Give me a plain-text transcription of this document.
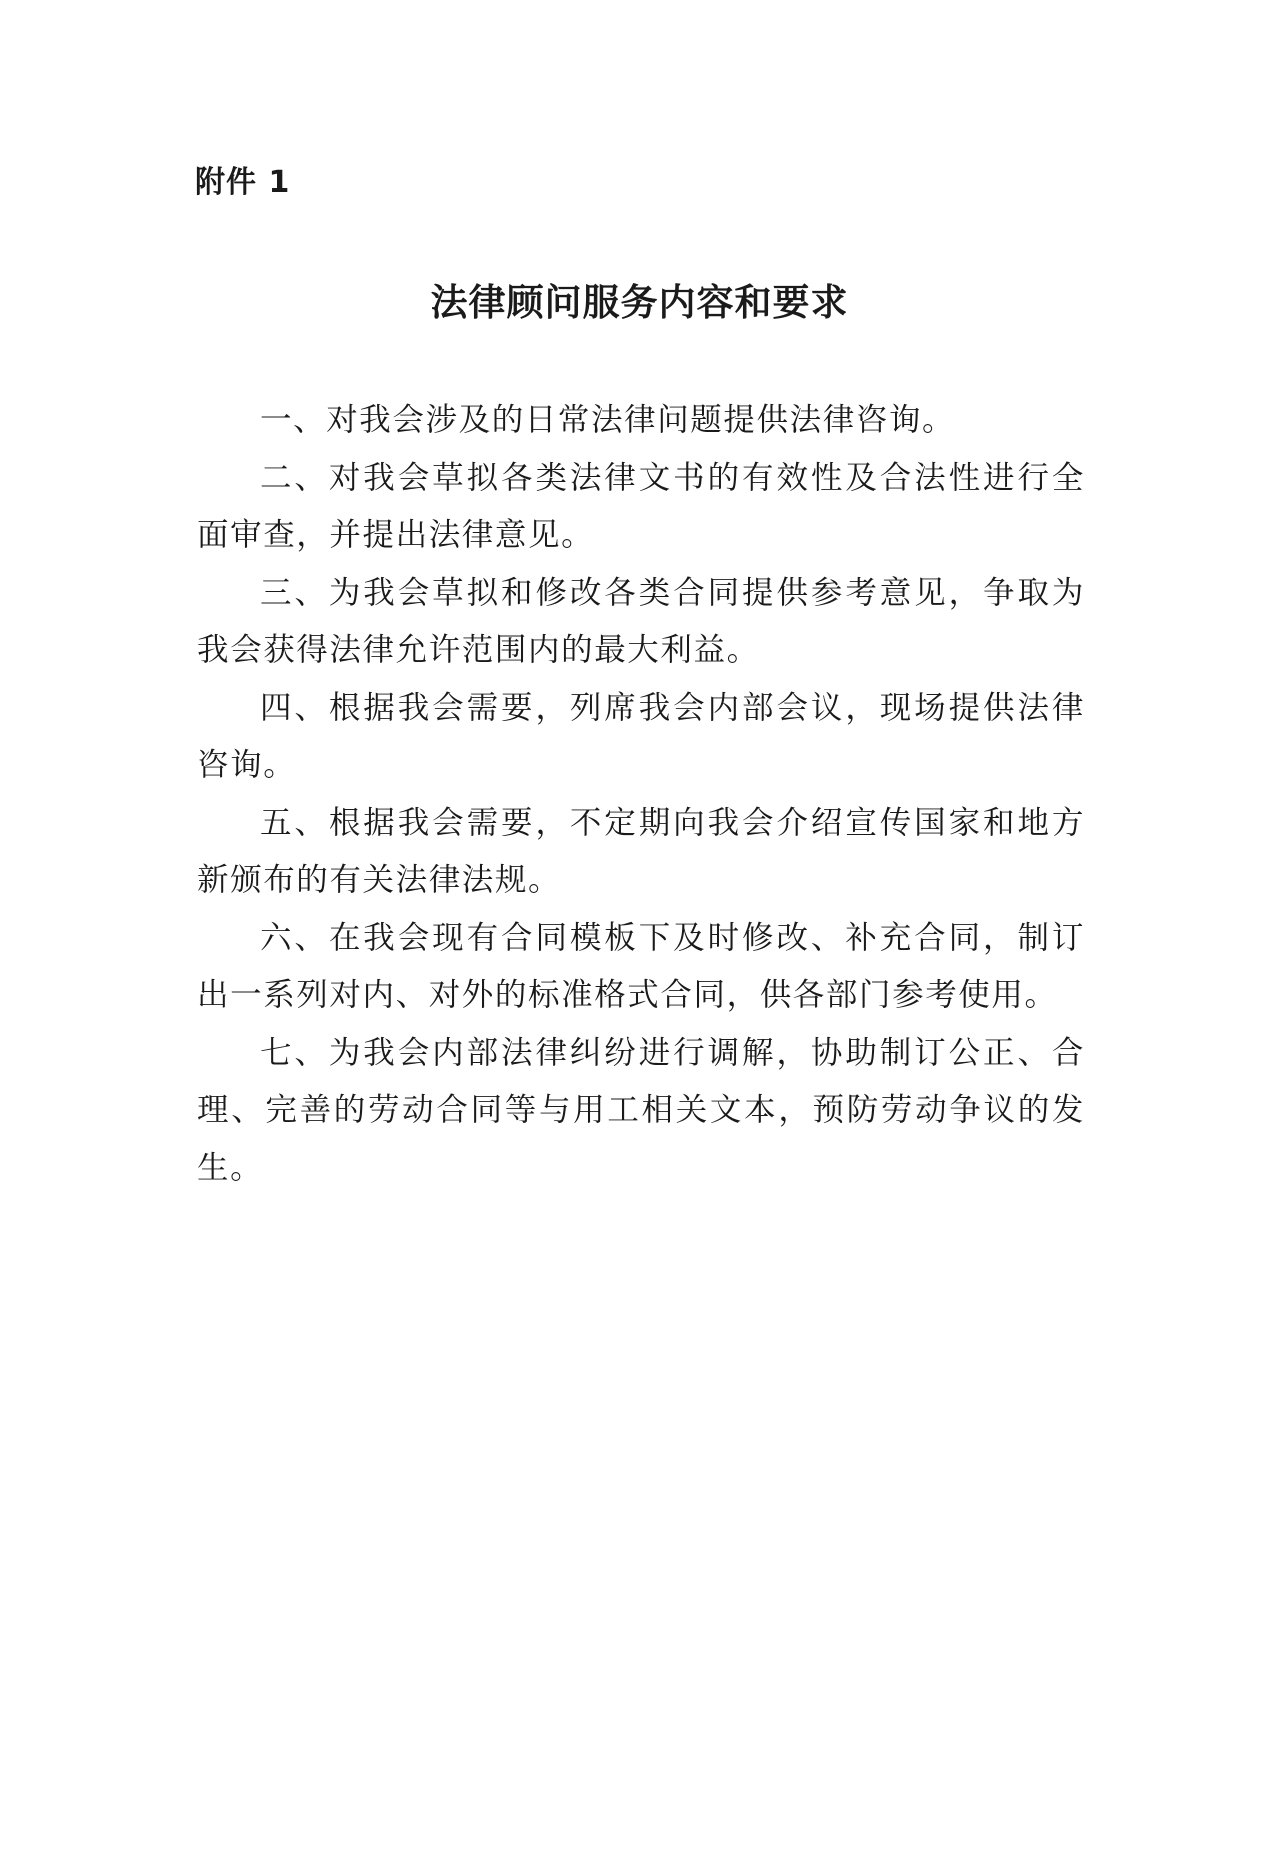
附件 1

法律顾问服务内容和要求

一、对我会涉及的日常法律问题提供法律咨询。

二、对我会草拟各类法律文书的有效性及合法性进行全面审查，并提出法律意见。

三、为我会草拟和修改各类合同提供参考意见，争取为我会获得法律允许范围内的最大利益。

四、根据我会需要，列席我会内部会议，现场提供法律咨询。

五、根据我会需要，不定期向我会介绍宣传国家和地方新颁布的有关法律法规。

六、在我会现有合同模板下及时修改、补充合同，制订出一系列对内、对外的标准格式合同，供各部门参考使用。

七、为我会内部法律纠纷进行调解，协助制订公正、合理、完善的劳动合同等与用工相关文本，预防劳动争议的发生。
